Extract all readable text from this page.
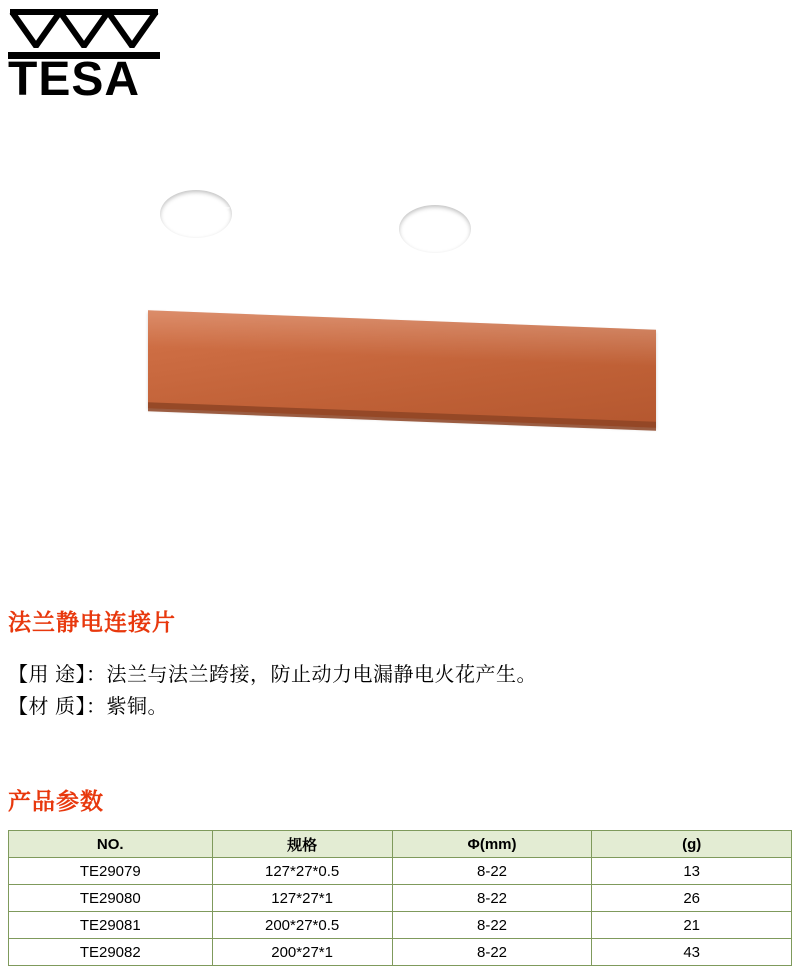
TESA
TESA
法兰静电连接片
【用 途】：法兰与法兰跨接，防止动力电漏静电火花产生。
【材 质】：紫铜。
产品参数
NO.	规格	Φ(mm)	(g)
TE29079	127*27*0.5	8-22	13
TE29080	127*27*1	8-22	26
TE29081	200*27*0.5	8-22	21
TE29082	200*27*1	8-22	43
